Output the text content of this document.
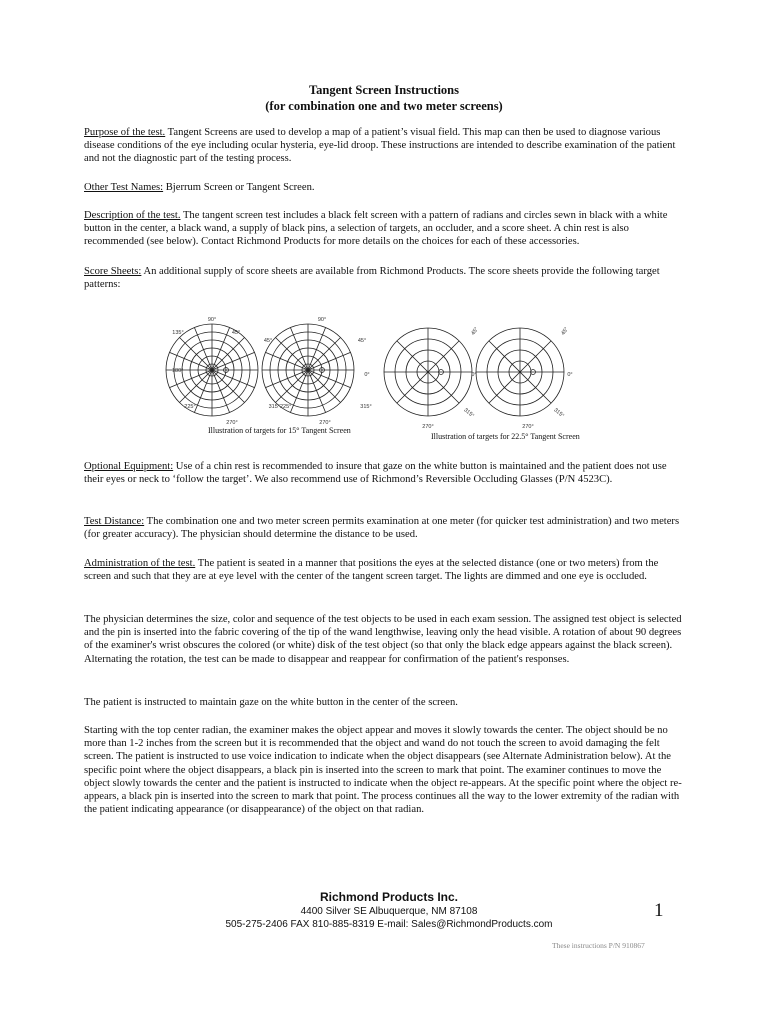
Tangent Screen Instructions
(for combination one and two meter screens)

Purpose of the test. Tangent Screens are used to develop a map of a patient’s visual field. This map can then be used to diagnose various disease conditions of the eye including ocular hysteria, eye-lid droop. These instructions are intended to describe examination of the patient and not the diagnostic part of the testing process.

Other Test Names: Bjerrum Screen or Tangent Screen.

Description of the test. The tangent screen test includes a black felt screen with a pattern of radians and circles sewn in black with a white button in the center, a black wand, a supply of black pins, a selection of targets, an occluder, and a score sheet. A chin rest is also recommended (see below). Contact Richmond Products for more details on the choices for each of these accessories.

Score Sheets: An additional supply of score sheets are available from Richmond Products. The score sheets provide the following target patterns:

90°
135°	45°
180°
225°
270°
90°
45°	45°
0°
315°225°	315°
270°
Illustration of targets for 15° Tangent Screen
45°
0°
315°
270°
45°
0°
315°
270°
Illustration of targets for 22.5° Tangent Screen

Optional Equipment: Use of a chin rest is recommended to insure that gaze on the white button is maintained and the patient does not use their eyes or neck to ‘follow the target’. We also recommend use of Richmond’s Reversible Occluding Glasses (P/N 4523C).

Test Distance: The combination one and two meter screen permits examination at one meter (for quicker test administration) and two meters (for greater accuracy). The physician should determine the distance to be used.

Administration of the test. The patient is seated in a manner that positions the eyes at the selected distance (one or two meters) from the screen and such that they are at eye level with the center of the tangent screen target. The lights are dimmed and one eye is occluded.

The physician determines the size, color and sequence of the test objects to be used in each exam session. The assigned test object is selected and the pin is inserted into the fabric covering of the tip of the wand lengthwise, leaving only the head visible. A rotation of about 90 degrees of the examiner's wrist obscures the colored (or white) disk of the test object (so that only the black edge appears against the black screen). Alternating the rotation, the test can be made to disappear and reappear for confirmation of the patient's responses.

The patient is instructed to maintain gaze on the white button in the center of the screen.

Starting with the top center radian, the examiner makes the object appear and moves it slowly towards the center. The object should be no more than 1-2 inches from the screen but it is recommended that the object and wand do not touch the screen to avoid damaging the felt screen. The patient is instructed to use voice indication to indicate when the object disappears (see Alternate Administration below). At the specific point where the object disappears, a black pin is inserted into the screen to mark that point. The examiner continues to move the object slowly towards the center and the patient is instructed to indicate when the object re-appears. At the specific point where the object re-appears, a black pin is inserted into the screen to mark that point. The process continues all the way to the lower extremity of the radian with the patient indicating appearance (or disappearance) of the object on that radian.

Richmond Products Inc.
4400 Silver SE Albuquerque, NM 87108
505-275-2406 FAX 810-885-8319 E-mail: Sales@RichmondProducts.com
1
These instructions P/N 910867
